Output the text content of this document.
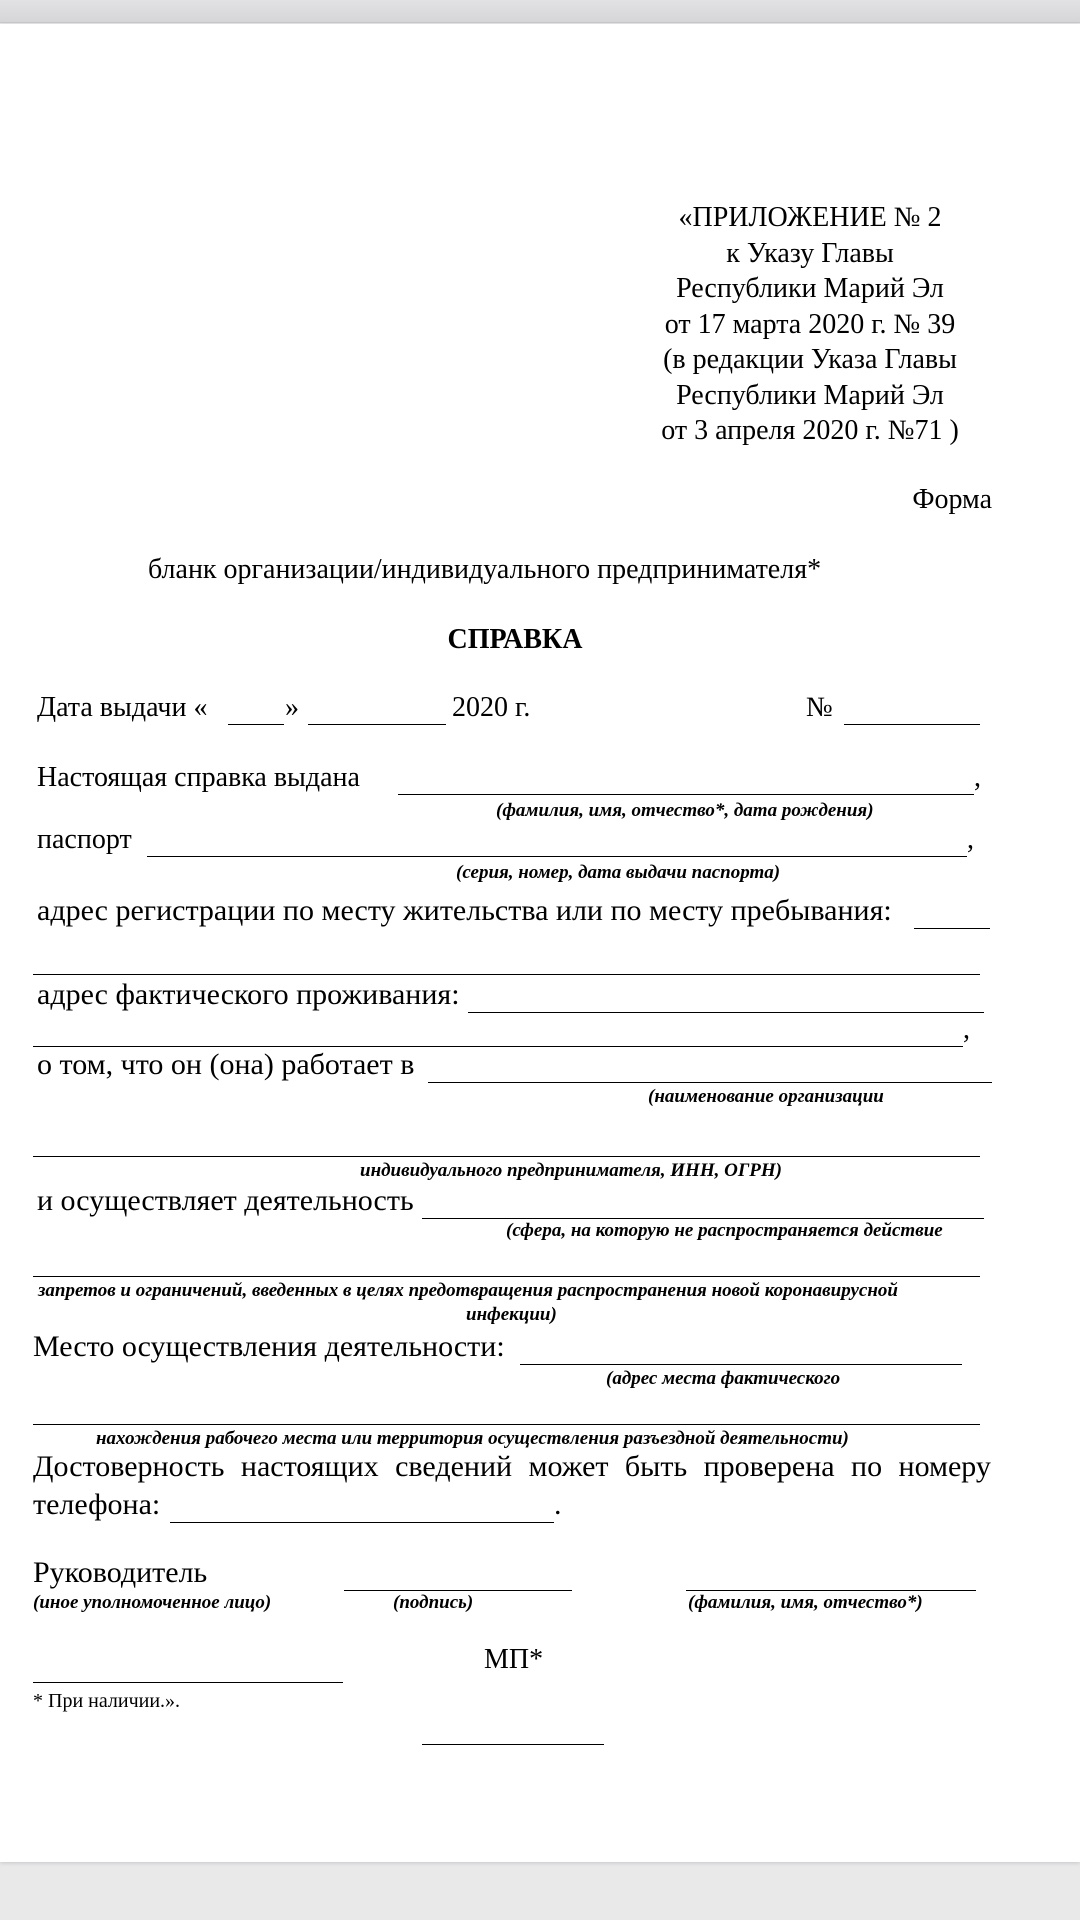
«ПРИЛОЖЕНИЕ № 2
к Указу Главы
Республики Марий Эл
от 17 марта 2020 г. № 39
(в редакции Указа Главы
Республики Марий Эл
от 3 апреля 2020 г. №71 )
Форма
бланк организации/индивидуального предпринимателя*
СПРАВКА
Дата выдачи «	»	2020 г.	№
Настоящая справка выдана	,
(фамилия, имя, отчество*, дата рождения)
паспорт	,
(серия, номер, дата выдачи паспорта)
адрес регистрации по месту жительства или по месту пребывания:
адрес фактического проживания:
,
о том, что он (она) работает в
(наименование организации
индивидуального предпринимателя, ИНН, ОГРН)
и осуществляет деятельность
(сфера, на которую не распространяется действие
запретов и ограничений, введенных в целях предотвращения распространения новой коронавирусной
инфекции)
Место осуществления деятельности:
(адрес места фактического
нахождения рабочего места или территория осуществления разъездной деятельности)
Достоверность настоящих сведений может быть проверена по номеру
телефона:	.
Руководитель
(иное уполномоченное лицо)	(подпись)	(фамилия, имя, отчество*)
МП*
* При наличии.».
